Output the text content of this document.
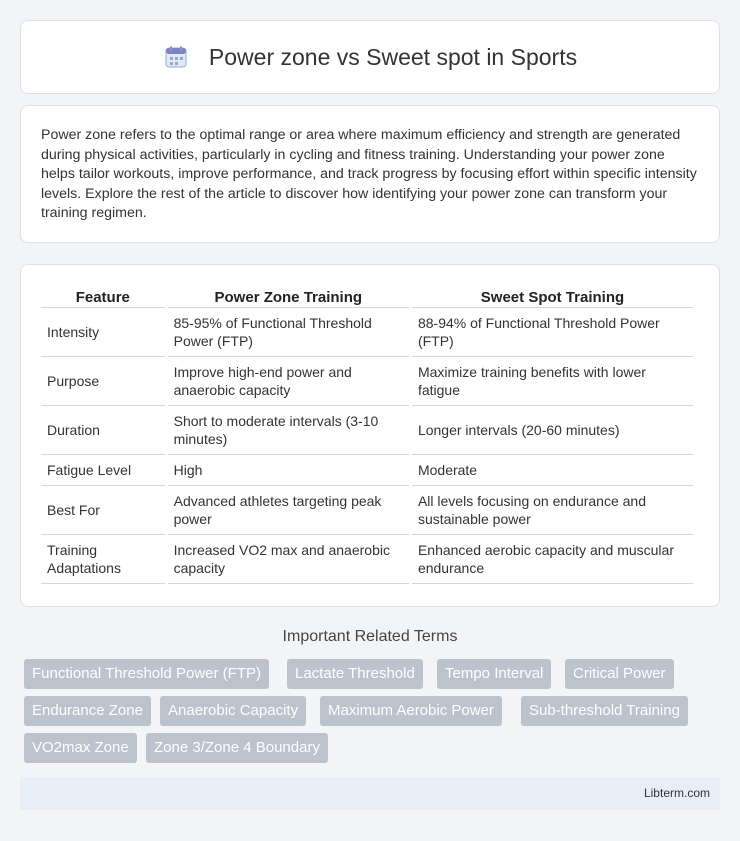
Power zone vs Sweet spot in Sports

Power zone refers to the optimal range or area where maximum efficiency and strength are generated during physical activities, particularly in cycling and fitness training. Understanding your power zone helps tailor workouts, improve performance, and track progress by focusing effort within specific intensity levels. Explore the rest of the article to discover how identifying your power zone can transform your training regimen.

Feature	Power Zone Training	Sweet Spot Training
Intensity	85-95% of Functional Threshold Power (FTP)	88-94% of Functional Threshold Power (FTP)
Purpose	Improve high-end power and anaerobic capacity	Maximize training benefits with lower fatigue
Duration	Short to moderate intervals (3-10 minutes)	Longer intervals (20-60 minutes)
Fatigue Level	High	Moderate
Best For	Advanced athletes targeting peak power	All levels focusing on endurance and sustainable power
Training Adaptations	Increased VO2 max and anaerobic capacity	Enhanced aerobic capacity and muscular endurance
Important Related Terms
Functional Threshold Power (FTP)	Lactate Threshold	Tempo Interval	Critical Power
Endurance Zone	Anaerobic Capacity	Maximum Aerobic Power	Sub-threshold Training
VO2max Zone	Zone 3/Zone 4 Boundary
Libterm.com
